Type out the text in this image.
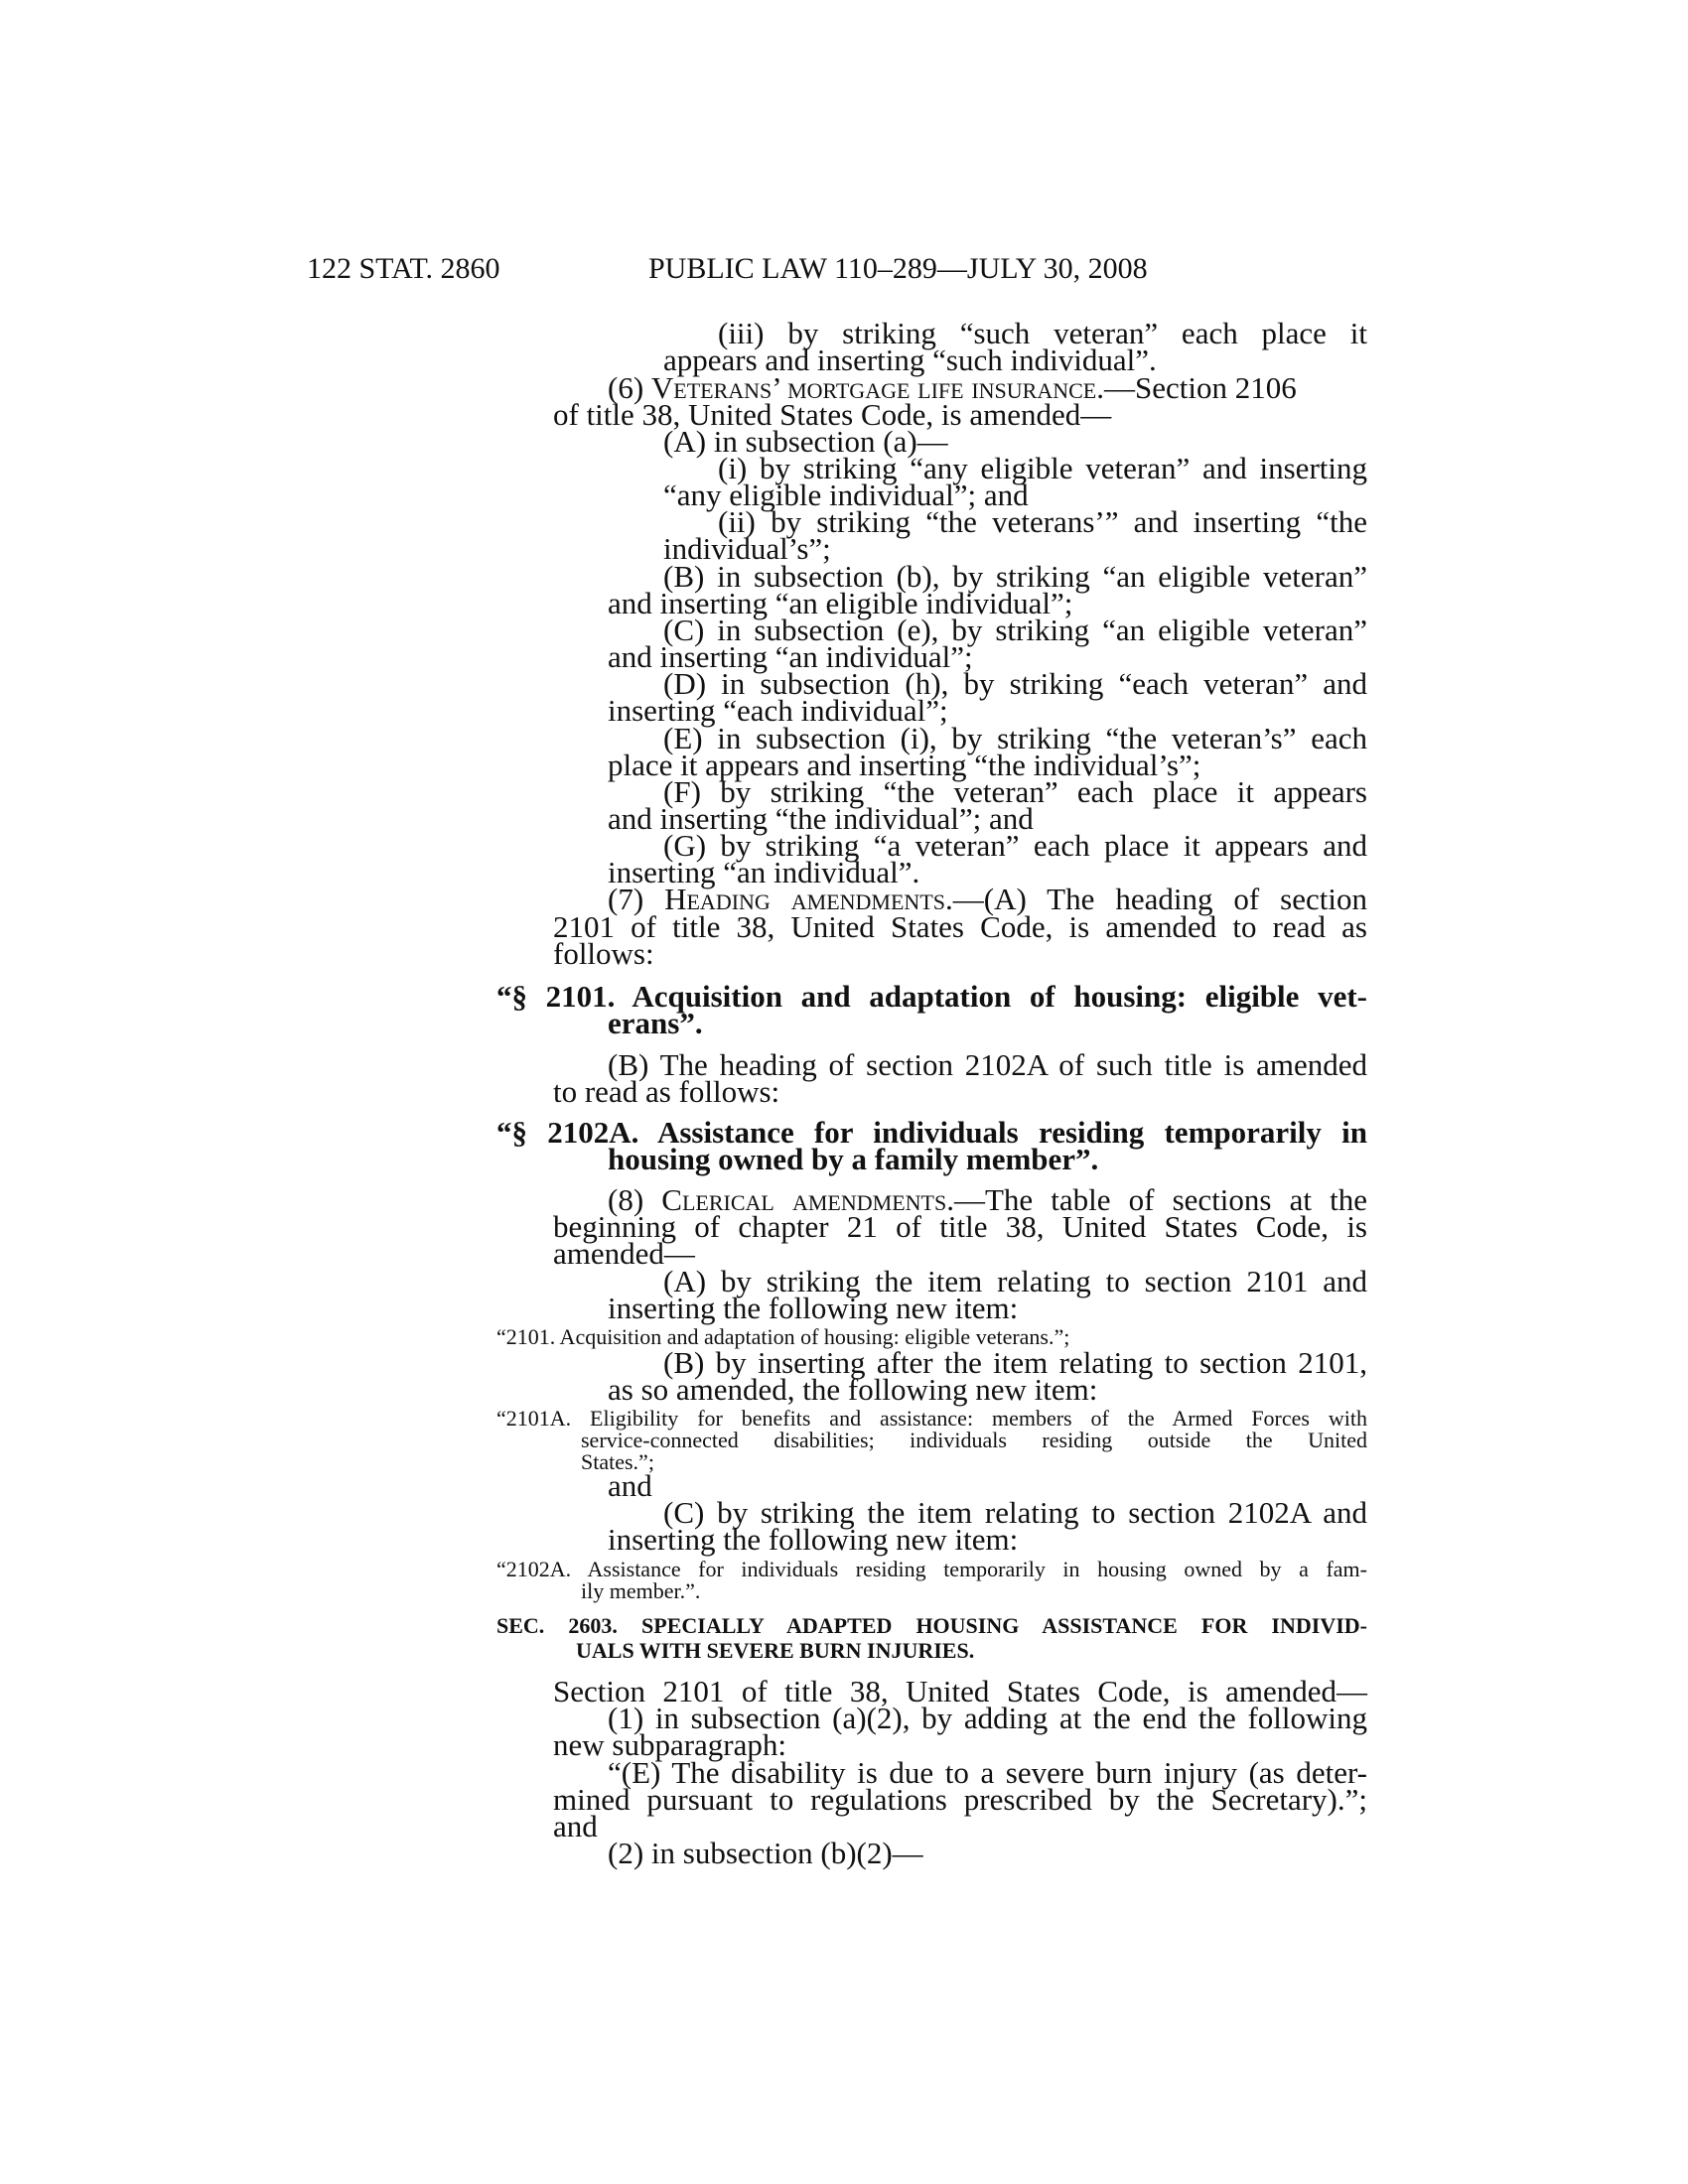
122 STAT. 2860	PUBLIC LAW 110–289—JULY 30, 2008
(iii) by striking “such veteran” each place it
appears and inserting “such individual”.
(6) Veterans’ mortgage life insurance.—Section 2106
of title 38, United States Code, is amended—
(A) in subsection (a)—
(i) by striking “any eligible veteran” and inserting
“any eligible individual”; and
(ii) by striking “the veterans’” and inserting “the
individual’s”;
(B) in subsection (b), by striking “an eligible veteran”
and inserting “an eligible individual”;
(C) in subsection (e), by striking “an eligible veteran”
and inserting “an individual”;
(D) in subsection (h), by striking “each veteran” and
inserting “each individual”;
(E) in subsection (i), by striking “the veteran’s” each
place it appears and inserting “the individual’s”;
(F) by striking “the veteran” each place it appears
and inserting “the individual”; and
(G) by striking “a veteran” each place it appears and
inserting “an individual”.
(7) Heading amendments.—(A) The heading of section
2101 of title 38, United States Code, is amended to read as
follows:
“§ 2101. Acquisition and adaptation of housing: eligible vet-
erans”.
(B) The heading of section 2102A of such title is amended
to read as follows:
“§ 2102A. Assistance for individuals residing temporarily in
housing owned by a family member”.
(8) Clerical amendments.—The table of sections at the
beginning of chapter 21 of title 38, United States Code, is
amended—
(A) by striking the item relating to section 2101 and
inserting the following new item:
“2101. Acquisition and adaptation of housing: eligible veterans.”;
(B) by inserting after the item relating to section 2101,
as so amended, the following new item:
“2101A. Eligibility for benefits and assistance: members of the Armed Forces with
service-connected disabilities; individuals residing outside the United
States.”;
and
(C) by striking the item relating to section 2102A and
inserting the following new item:
“2102A. Assistance for individuals residing temporarily in housing owned by a fam-
ily member.”.
SEC. 2603. SPECIALLY ADAPTED HOUSING ASSISTANCE FOR INDIVID-
UALS WITH SEVERE BURN INJURIES.
Section 2101 of title 38, United States Code, is amended—
(1) in subsection (a)(2), by adding at the end the following
new subparagraph:
“(E) The disability is due to a severe burn injury (as deter-
mined pursuant to regulations prescribed by the Secretary).”;
and
(2) in subsection (b)(2)—
